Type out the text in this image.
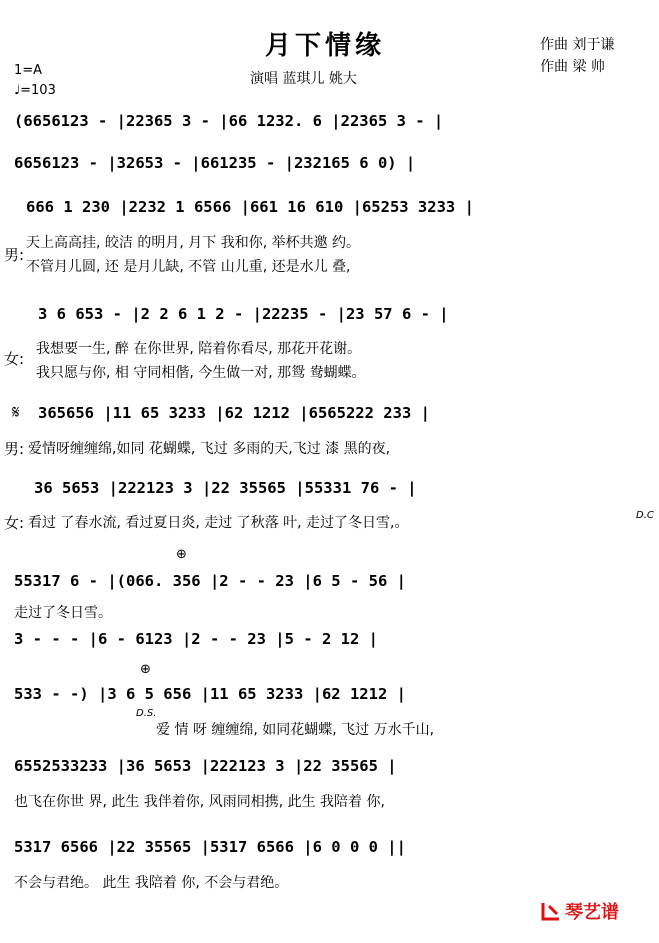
月下情缘	作曲 刘于谦
作曲 梁 帅
演唱 蓝琪儿 姚大
1=A
♩=103
(6656123 - |22365 3 - |66 1232. 6 |22365 3 - |
6656123 - |32653 - |661235 - |232165 6 0) |
666 1 230 |2232 1 6566 |661 16 610 |65253 3233 |
男:
天上高高挂, 皎洁 的明月, 月下 我和你, 举杯共邀 约。
不管月儿圆, 还 是月儿缺, 不管 山儿重, 还是水儿 叠,
3 6 653 - |2 2 6 1 2 - |22235 - |23 57 6 - |
女:
我想要一生, 醉 在你世界, 陪着你看尽, 那花开花谢。
我只愿与你, 相 守同相偕, 今生做一对, 那鸳 鸯蝴蝶。
𝄋 365656 |11 65 3233 |62 1212 |6565222 233 |
男: 爱情呀缠缠绵,如同 花蝴蝶, 飞过 多雨的天,飞过 漆 黑的夜,
36 5653 |222123 3 |22 35565 |55331 76 - |
女: 看过 了春水流, 看过夏日炎, 走过 了秋落 叶, 走过了冬日雪,。	D.C
⊕
55317 6 - |(066. 356 |2 - - 23 |6 5 - 56 |
走过了冬日雪。
3 - - - |6 - 6123 |2 - - 23 |5 - 2 12 |
⊕
533 - -) |3 6 5 656 |11 65 3233 |62 1212 |
D.S.
爱 情 呀 缠缠绵, 如同花蝴蝶, 飞过 万水千山,
6552533233 |36 5653 |222123 3 |22 35565 |
也飞在你世 界, 此生 我伴着你, 风雨同相携, 此生 我陪着 你,
5317 6566 |22 35565 |5317 6566 |6 0 0 0 ||
不会与君绝。 此生 我陪着 你, 不会与君绝。
琴艺谱
